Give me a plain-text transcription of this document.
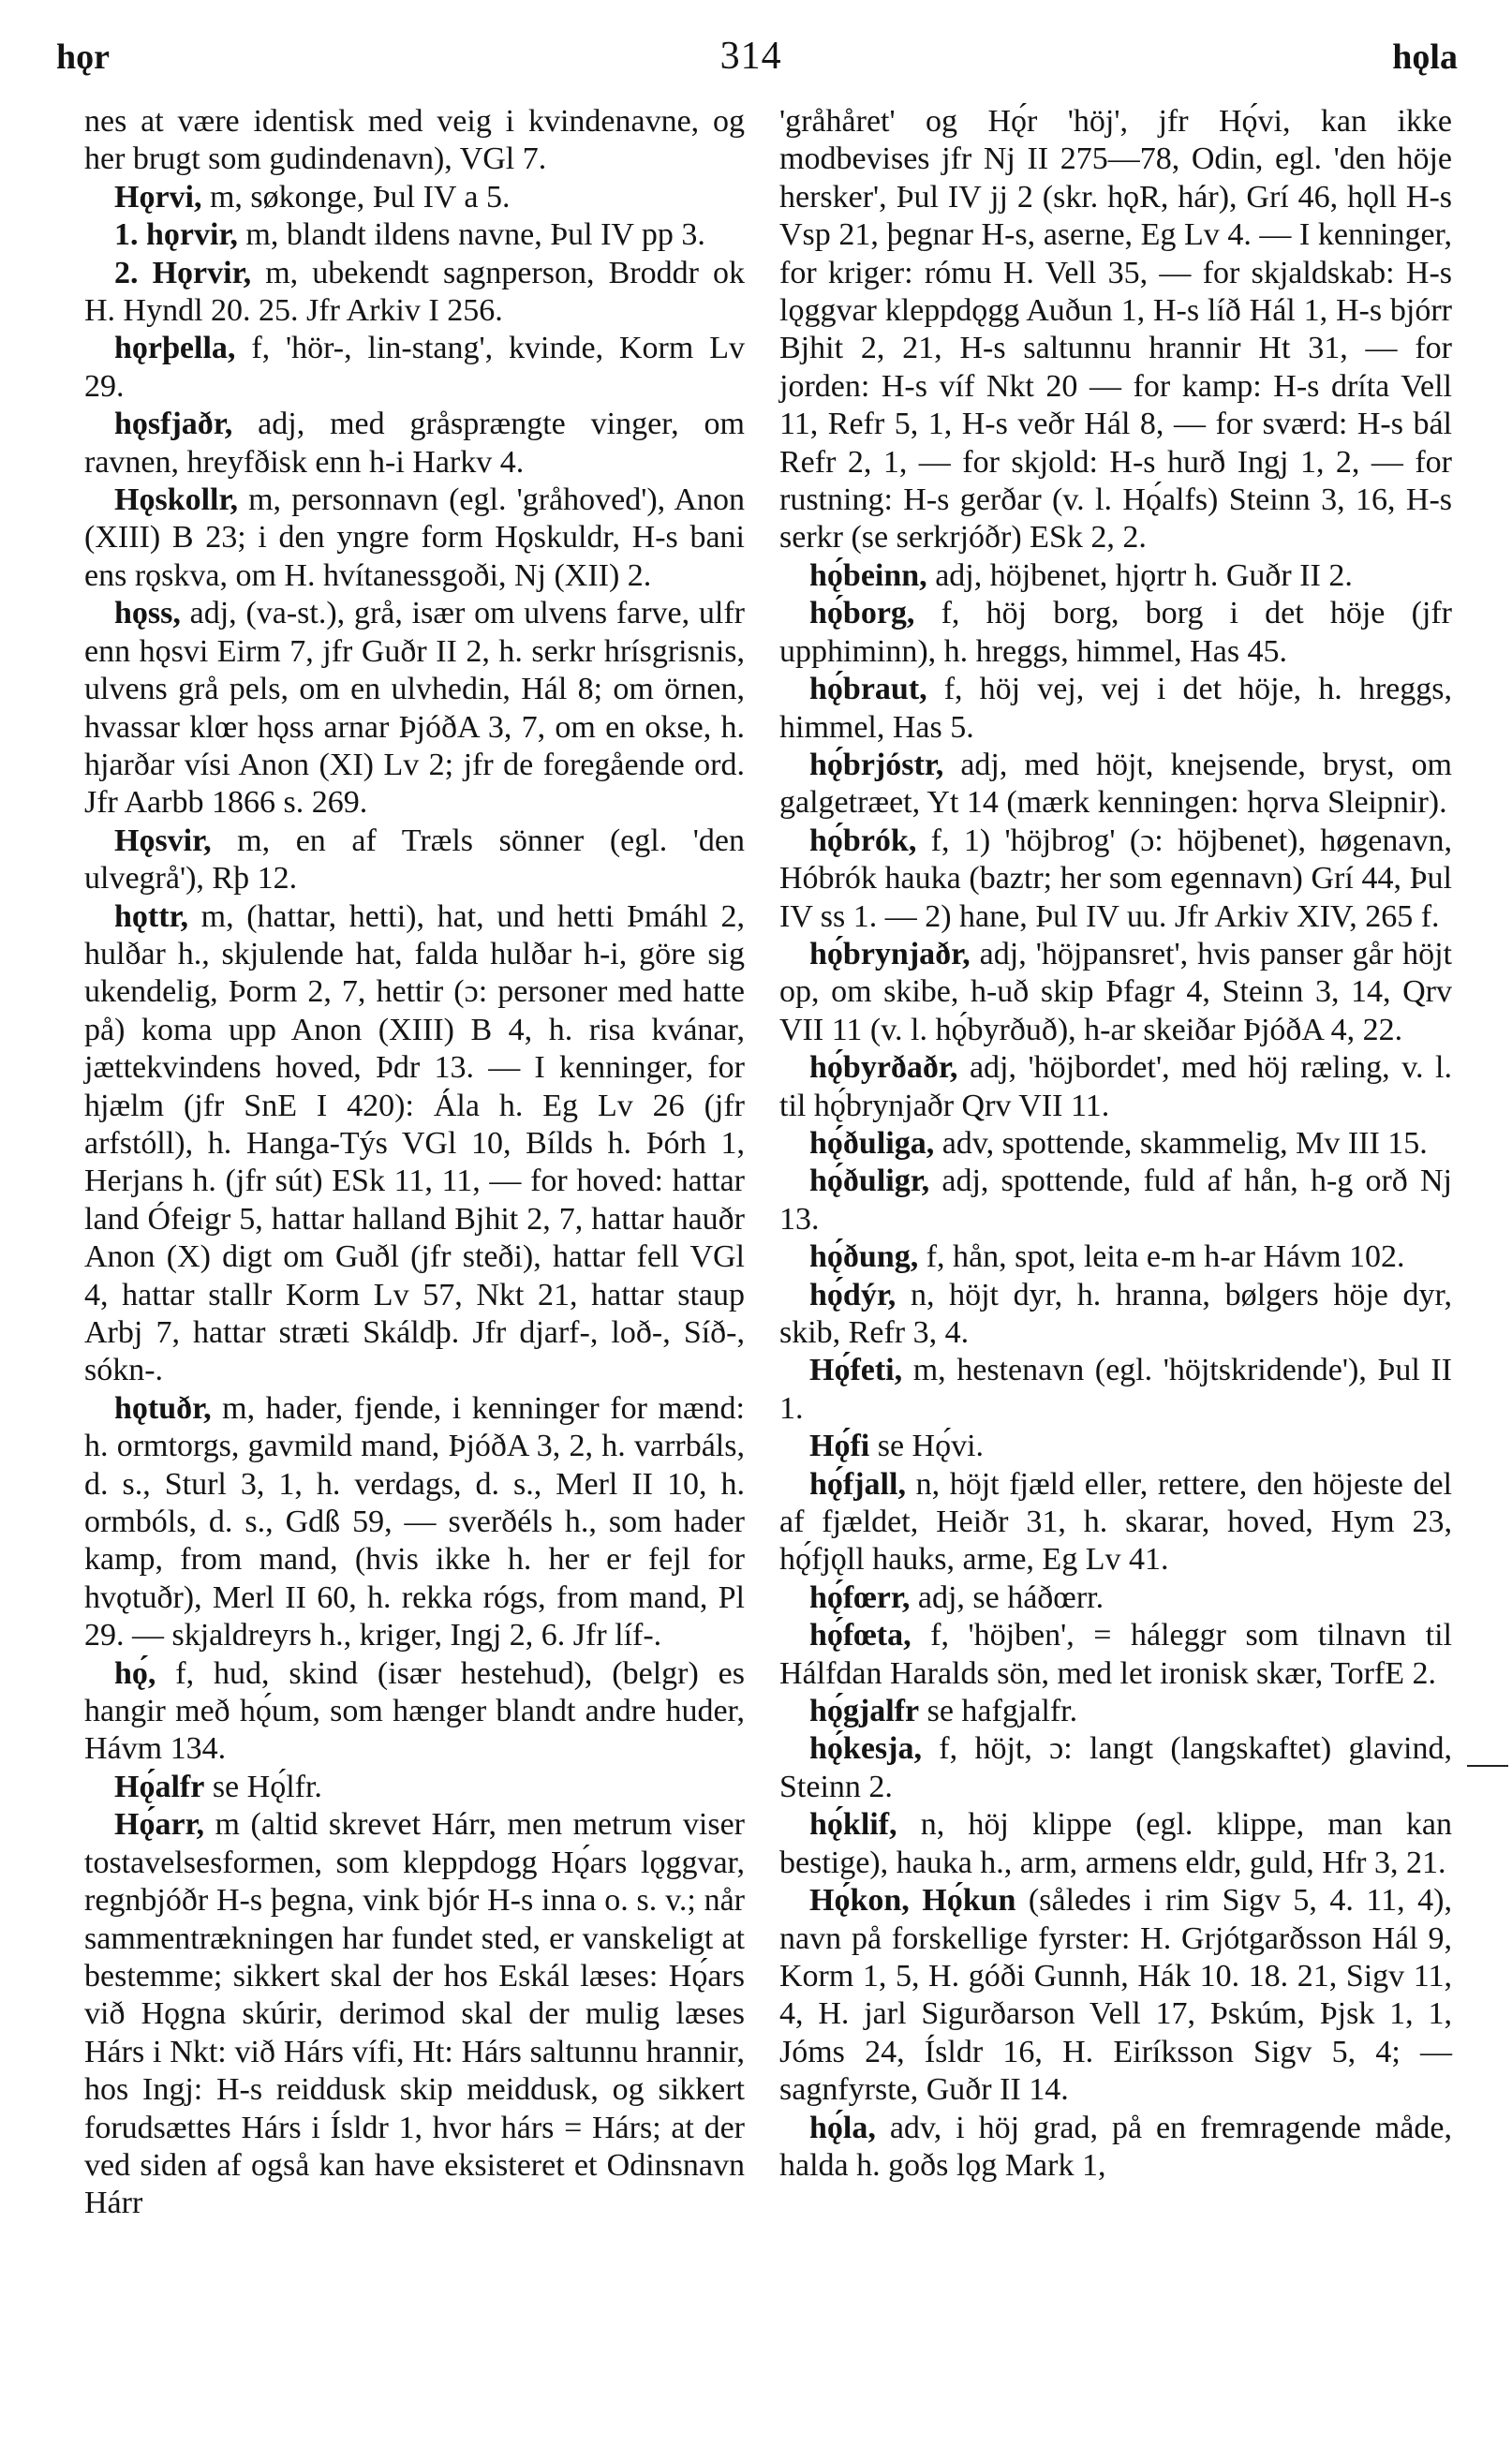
hǫr	314	hǫla

nes at være identisk med veig i kvindenavne, og her brugt som gudindenavn), VGl 7.

Hǫrvi, m, søkonge, Þul IV a 5.

1. hǫrvir, m, blandt ildens navne, Þul IV pp 3.

2. Hǫrvir, m, ubekendt sagnperson, Broddr ok H. Hyndl 20. 25. Jfr Arkiv I 256.

hǫrþella, f, 'hör-, lin-stang', kvinde, Korm Lv 29.

hǫsfjaðr, adj, med gråsprængte vinger, om ravnen, hreyfðisk enn h-i Harkv 4.

Hǫskollr, m, personnavn (egl. 'gråhoved'), Anon (XIII) B 23; i den yngre form Hǫskuldr, H-s bani ens rǫskva, om H. hvítanessgoði, Nj (XII) 2.

hǫss, adj, (va-st.), grå, især om ulvens farve, ulfr enn hǫsvi Eirm 7, jfr Guðr II 2, h. serkr hrísgrisnis, ulvens grå pels, om en ulvhedin, Hál 8; om örnen, hvassar klœr hǫss arnar ÞjóðA 3, 7, om en okse, h. hjarðar vísi Anon (XI) Lv 2; jfr de foregående ord. Jfr Aarbb 1866 s. 269.

Hǫsvir, m, en af Træls sönner (egl. 'den ulvegrå'), Rþ 12.

hǫttr, m, (hattar, hetti), hat, und hetti Þmáhl 2, hulðar h., skjulende hat, falda hulðar h-i, göre sig ukendelig, Þorm 2, 7, hettir (ɔ: personer med hatte på) koma upp Anon (XIII) B 4, h. risa kvánar, jættekvindens hoved, Þdr 13. — I kenninger, for hjælm (jfr SnE I 420): Ála h. Eg Lv 26 (jfr arfstóll), h. Hanga-Týs VGl 10, Bílds h. Þórh 1, Herjans h. (jfr sút) ESk 11, 11, — for hoved: hattar land Ófeigr 5, hattar halland Bjhit 2, 7, hattar hauðr Anon (X) digt om Guðl (jfr steði), hattar fell VGl 4, hattar stallr Korm Lv 57, Nkt 21, hattar staup Arbj 7, hattar stræti Skáldþ. Jfr djarf-, loð-, Síð-, sókn-.

hǫtuðr, m, hader, fjende, i kenninger for mænd: h. ormtorgs, gavmild mand, ÞjóðA 3, 2, h. varrbáls, d. s., Sturl 3, 1, h. verdags, d. s., Merl II 10, h. ormbóls, d. s., Gdß 59, — sverðéls h., som hader kamp, from mand, (hvis ikke h. her er fejl for hvǫtuðr), Merl II 60, h. rekka rógs, from mand, Pl 29. — skjaldreyrs h., kriger, Ingj 2, 6. Jfr líf-.

hǫ́, f, hud, skind (især hestehud), (belgr) es hangir með hǫ́um, som hænger blandt andre huder, Hávm 134.

Hǫ́alfr se Hǫ́lfr.

Hǫ́arr, m (altid skrevet Hárr, men metrum viser tostavelsesformen, som kleppdogg Hǫ́ars lǫggvar, regnbjóðr H-s þegna, vink bjór H-s inna o. s. v.; når sammentrækningen har fundet sted, er vanskeligt at bestemme; sikkert skal der hos Eskál læses: Hǫ́ars við Hǫgna skúrir, derimod skal der mulig læses Hárs i Nkt: við Hárs vífi, Ht: Hárs saltunnu hrannir, hos Ingj: H-s reiddusk skip meiddusk, og sikkert forudsættes Hárs i Ísldr 1, hvor hárs = Hárs; at der ved siden af også kan have eksisteret et Odinsnavn Hárr

'gråhåret' og Hǫ́r 'höj', jfr Hǫ́vi, kan ikke modbevises jfr Nj II 275—78, Odin, egl. 'den höje hersker', Þul IV jj 2 (skr. hǫR, hár), Grí 46, hǫll H-s Vsp 21, þegnar H-s, aserne, Eg Lv 4. — I kenninger, for kriger: rómu H. Vell 35, — for skjaldskab: H-s lǫggvar kleppdǫgg Auðun 1, H-s líð Hál 1, H-s bjórr Bjhit 2, 21, H-s saltunnu hrannir Ht 31, — for jorden: H-s víf Nkt 20 — for kamp: H-s dríta Vell 11, Refr 5, 1, H-s veðr Hál 8, — for sværd: H-s bál Refr 2, 1, — for skjold: H-s hurð Ingj 1, 2, — for rustning: H-s gerðar (v. l. Hǫ́alfs) Steinn 3, 16, H-s serkr (se serkrjóðr) ESk 2, 2.

hǫ́beinn, adj, höjbenet, hjǫrtr h. Guðr II 2.

hǫ́borg, f, höj borg, borg i det höje (jfr upphiminn), h. hreggs, himmel, Has 45.

hǫ́braut, f, höj vej, vej i det höje, h. hreggs, himmel, Has 5.

hǫ́brjóstr, adj, med höjt, knejsende, bryst, om galgetræet, Yt 14 (mærk kenningen: hǫrva Sleipnir).

hǫ́brók, f, 1) 'höjbrog' (ɔ: höjbenet), høgenavn, Hóbrók hauka (baztr; her som egennavn) Grí 44, Þul IV ss 1. — 2) hane, Þul IV uu. Jfr Arkiv XIV, 265 f.

hǫ́brynjaðr, adj, 'höjpansret', hvis panser går höjt op, om skibe, h-uð skip Þfagr 4, Steinn 3, 14, Qrv VII 11 (v. l. hǫ́byrðuð), h-ar skeiðar ÞjóðA 4, 22.

hǫ́byrðaðr, adj, 'höjbordet', med höj ræling, v. l. til hǫ́brynjaðr Qrv VII 11.

hǫ́ðuliga, adv, spottende, skammelig, Mv III 15.

hǫ́ðuligr, adj, spottende, fuld af hån, h-g orð Nj 13.

hǫ́ðung, f, hån, spot, leita e-m h-ar Hávm 102.

hǫ́dýr, n, höjt dyr, h. hranna, bølgers höje dyr, skib, Refr 3, 4.

Hǫ́feti, m, hestenavn (egl. 'höjtskridende'), Þul II 1.

Hǫ́fi se Hǫ́vi.

hǫ́fjall, n, höjt fjæld eller, rettere, den höjeste del af fjældet, Heiðr 31, h. skarar, hoved, Hym 23, hǫ́fjǫll hauks, arme, Eg Lv 41.

hǫ́fœrr, adj, se háðœrr.

hǫ́fœta, f, 'höjben', = háleggr som tilnavn til Hálfdan Haralds sön, med let ironisk skær, TorfE 2.

hǫ́gjalfr se hafgjalfr.

hǫ́kesja, f, höjt, ɔ: langt (langskaftet) glavind, Steinn 2.

hǫ́klif, n, höj klippe (egl. klippe, man kan bestige), hauka h., arm, armens eldr, guld, Hfr 3, 21.

Hǫ́kon, Hǫ́kun (således i rim Sigv 5, 4. 11, 4), navn på forskellige fyrster: H. Grjótgarðsson Hál 9, Korm 1, 5, H. góði Gunnh, Hák 10. 18. 21, Sigv 11, 4, H. jarl Sigurðarson Vell 17, Þskúm, Þjsk 1, 1, Jóms 24, Ísldr 16, H. Eiríksson Sigv 5, 4; — sagnfyrste, Guðr II 14.

hǫ́la, adv, i höj grad, på en fremragende måde, halda h. goðs lǫg Mark 1,
